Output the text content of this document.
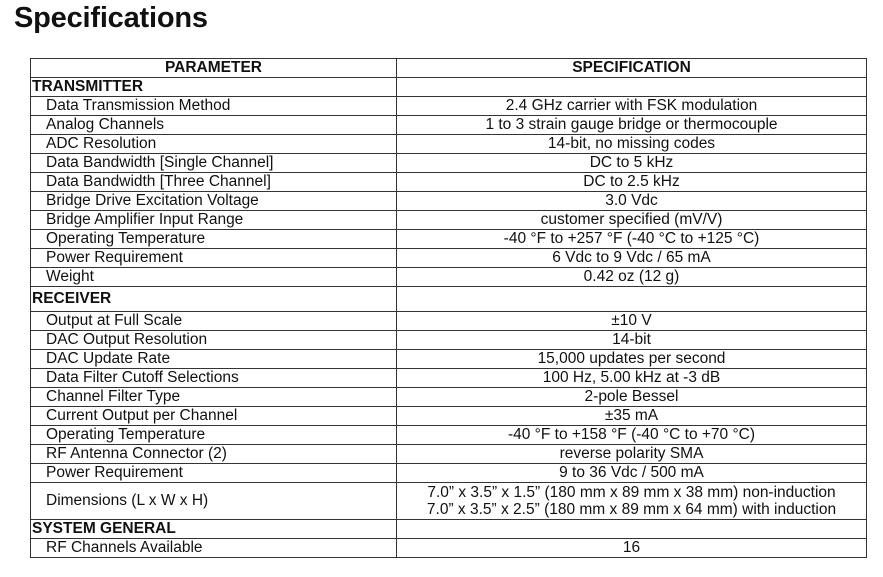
Specifications
PARAMETER	SPECIFICATION
TRANSMITTER	
Data Transmission Method	2.4 GHz carrier with FSK modulation
Analog Channels	1 to 3 strain gauge bridge or thermocouple
ADC Resolution	14-bit, no missing codes
Data Bandwidth [Single Channel]	DC to 5 kHz
Data Bandwidth [Three Channel]	DC to 2.5 kHz
Bridge Drive Excitation Voltage	3.0 Vdc
Bridge Amplifier Input Range	customer specified (mV/V)
Operating Temperature	-40 °F to +257 °F (-40 °C to +125 °C)
Power Requirement	6 Vdc to 9 Vdc / 65 mA
Weight	0.42 oz (12 g)
RECEIVER	
Output at Full Scale	±10 V
DAC Output Resolution	14-bit
DAC Update Rate	15,000 updates per second
Data Filter Cutoff Selections	100 Hz, 5.00 kHz at -3 dB
Channel Filter Type	2-pole Bessel
Current Output per Channel	±35 mA
Operating Temperature	-40 °F to +158 °F (-40 °C to +70 °C)
RF Antenna Connector (2)	reverse polarity SMA
Power Requirement	9 to 36 Vdc / 500 mA
Dimensions (L x W x H)	7.0” x 3.5” x 1.5” (180 mm x 89 mm x 38 mm) non-induction
7.0” x 3.5” x 2.5” (180 mm x 89 mm x 64 mm) with induction

SYSTEM GENERAL	
RF Channels Available	16
